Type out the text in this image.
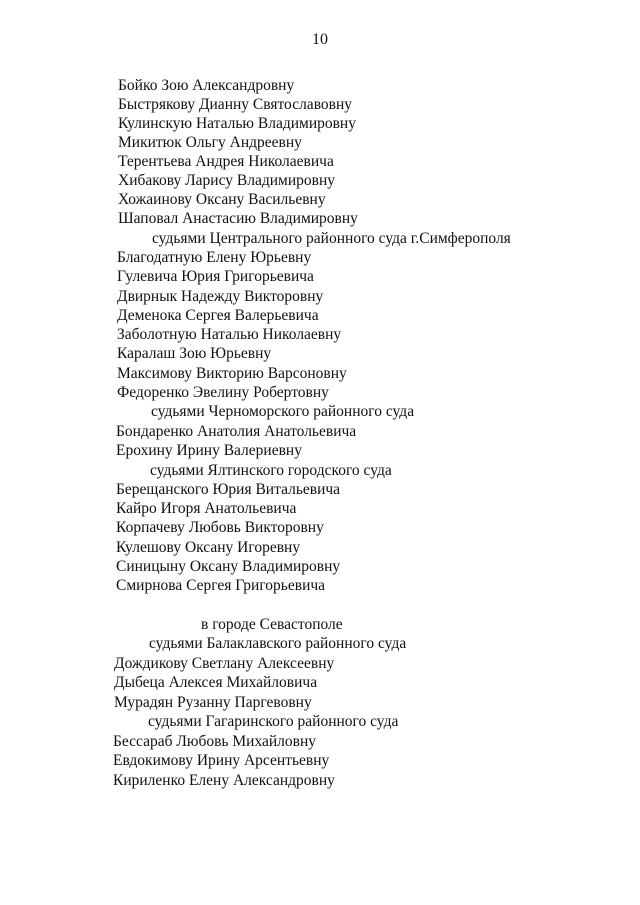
10
Бойко Зою Александровну
Быстрякову Дианну Святославовну
Кулинскую Наталью Владимировну
Микитюк Ольгу Андреевну
Терентьева Андрея Николаевича
Хибакову Ларису Владимировну
Хожаинову Оксану Васильевну
Шаповал Анастасию Владимировну
судьями Центрального районного суда г.Симферополя
Благодатную Елену Юрьевну
Гулевича Юрия Григорьевича
Двирнык Надежду Викторовну
Деменока Сергея Валерьевича
Заболотную Наталью Николаевну
Каралаш Зою Юрьевну
Максимову Викторию Варсоновну
Федоренко Эвелину Робертовну
судьями Черноморского районного суда
Бондаренко Анатолия Анатольевича
Ерохину Ирину Валериевну
судьями Ялтинского городского суда
Берещанского Юрия Витальевича
Кайро Игоря Анатольевича
Корпачеву Любовь Викторовну
Кулешову Оксану Игоревну
Синицыну Оксану Владимировну
Смирнова Сергея Григорьевича
в городе Севастополе
судьями Балаклавского районного суда
Дождикову Светлану Алексеевну
Дыбеца Алексея Михайловича
Мурадян Рузанну Паргевовну
судьями Гагаринского районного суда
Бессараб Любовь Михайловну
Евдокимову Ирину Арсентьевну
Кириленко Елену Александровну
